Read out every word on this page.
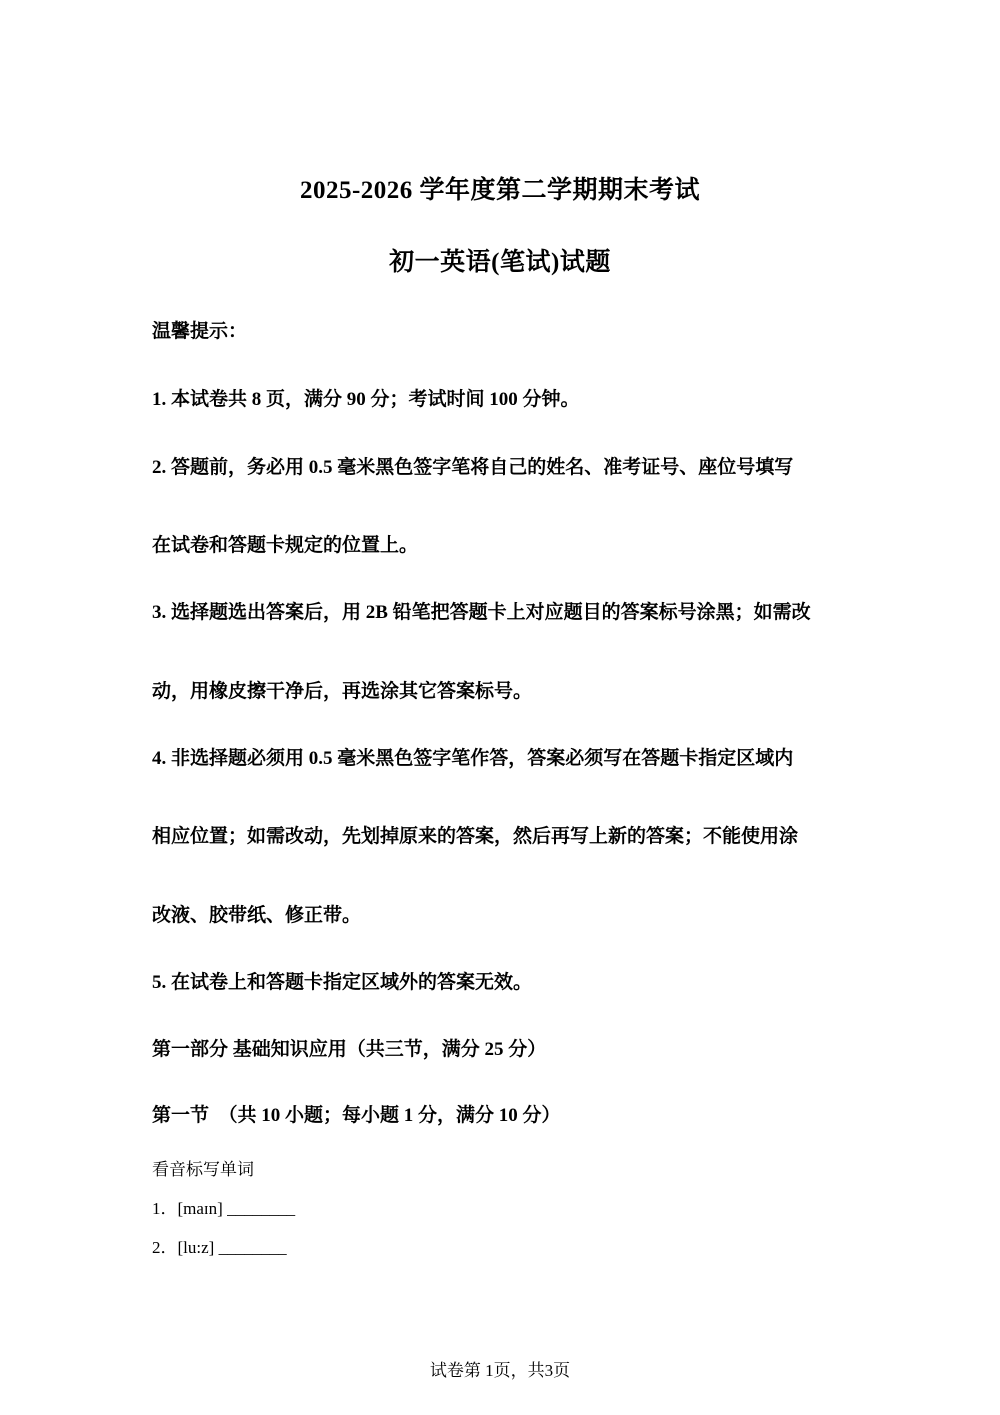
2025-2026 学年度第二学期期末考试
初一英语(笔试)试题
温馨提示：
1. 本试卷共 8 页，满分 90 分；考试时间 100 分钟。
2. 答题前，务必用 0.5 毫米黑色签字笔将自己的姓名、准考证号、座位号填写
在试卷和答题卡规定的位置上。
3. 选择题选出答案后，用 2B 铅笔把答题卡上对应题目的答案标号涂黑；如需改
动，用橡皮擦干净后，再选涂其它答案标号。
4. 非选择题必须用 0.5 毫米黑色签字笔作答，答案必须写在答题卡指定区域内
相应位置；如需改动，先划掉原来的答案，然后再写上新的答案；不能使用涂
改液、胶带纸、修正带。
5. 在试卷上和答题卡指定区域外的答案无效。
第一部分 基础知识应用（共三节，满分 25 分）
第一节　（共 10 小题；每小题 1 分，满分 10 分）
看音标写单词
1．[maɪn] ________
2．[lu:z] ________
试卷第 1页，共3页
